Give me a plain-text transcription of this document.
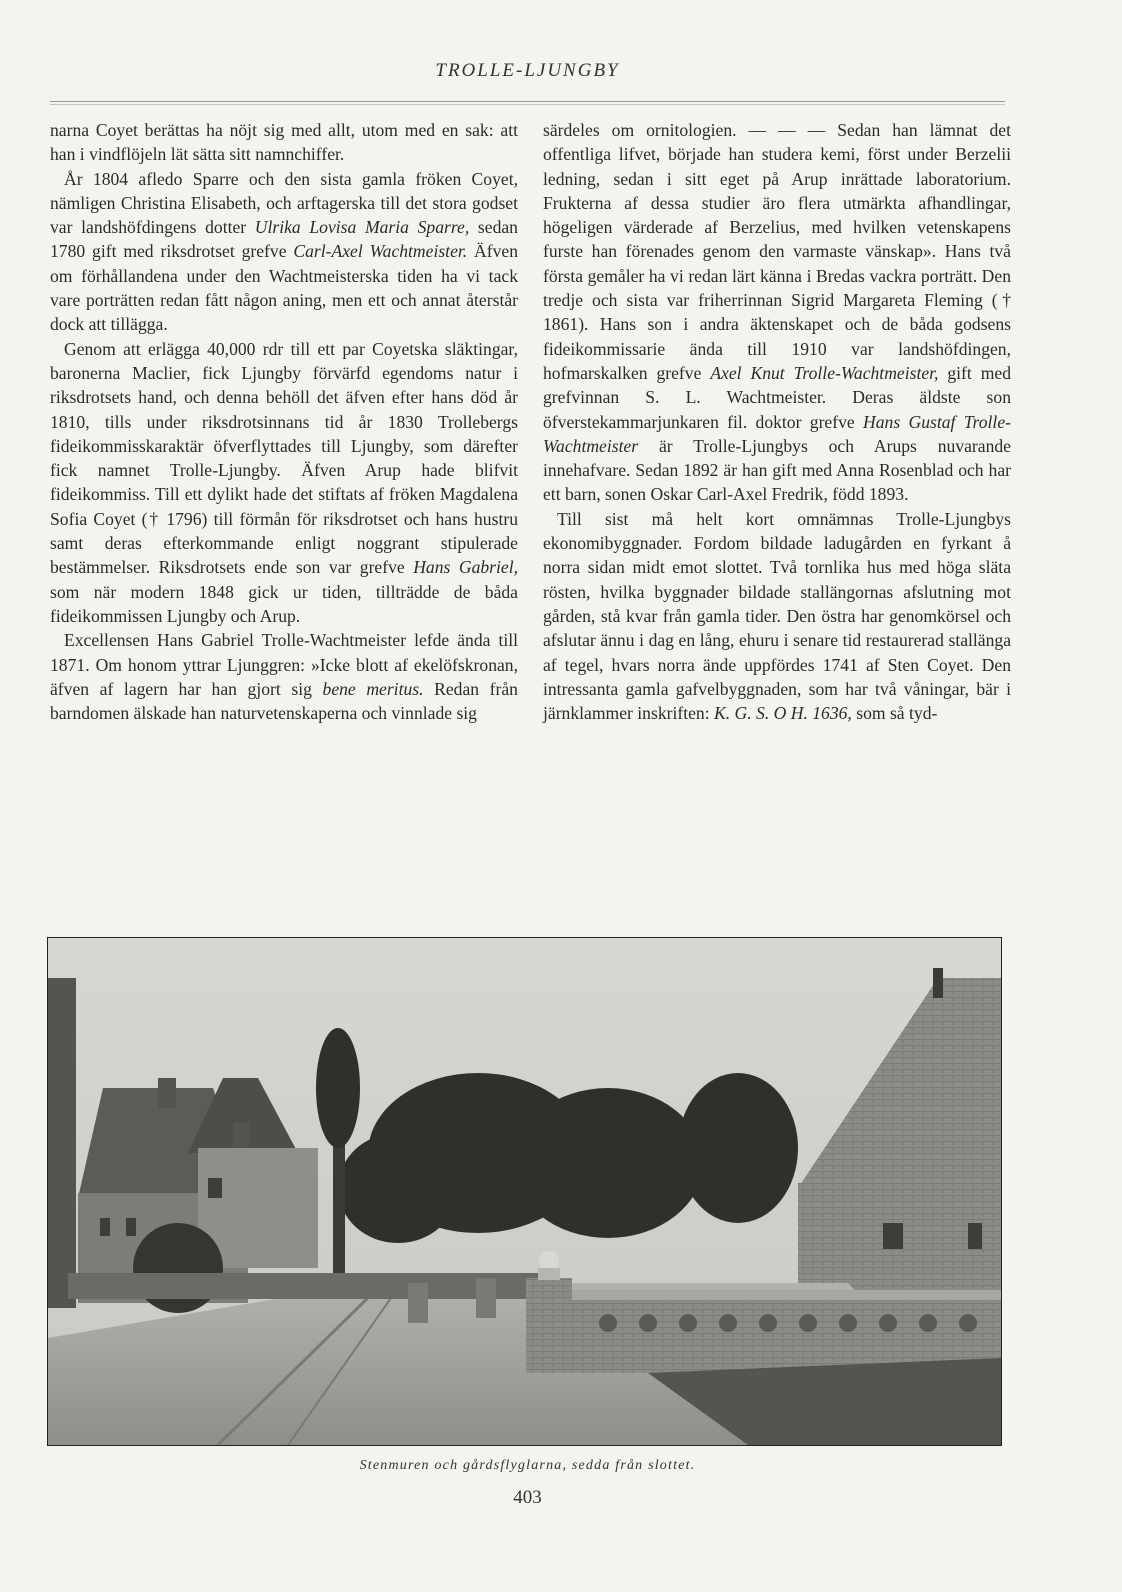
TROLLE-LJUNGBY

narna Coyet berättas ha nöjt sig med allt, utom med en sak: att han i vindflöjeln lät sätta sitt namnchiffer.

År 1804 afledo Sparre och den sista gamla fröken Coyet, nämligen Christina Elisabeth, och arftagerska till det stora godset var landshöfdingens dotter Ulrika Lovisa Maria Sparre, sedan 1780 gift med riksdrotset grefve Carl-Axel Wachtmeister. Äfven om förhållandena under den Wachtmeisterska tiden ha vi tack vare porträtten redan fått någon aning, men ett och annat återstår dock att tillägga.

Genom att erlägga 40,000 rdr till ett par Coyetska släktingar, baronerna Maclier, fick Ljungby förvärfd egendoms natur i riksdrotsets hand, och denna behöll det äfven efter hans död år 1810, tills under riksdrotsinnans tid år 1830 Trollebergs fideikommisskaraktär öfverflyttades till Ljungby, som därefter fick namnet Trolle-Ljungby. Äfven Arup hade blifvit fideikommiss. Till ett dylikt hade det stiftats af fröken Magdalena Sofia Coyet († 1796) till förmån för riksdrotset och hans hustru samt deras efterkommande enligt noggrant stipulerade bestämmelser. Riksdrotsets ende son var grefve Hans Gabriel, som när modern 1848 gick ur tiden, tillträdde de båda fideikommissen Ljungby och Arup.

Excellensen Hans Gabriel Trolle-Wachtmeister lefde ända till 1871. Om honom yttrar Ljunggren: »Icke blott af ekelöfskronan, äfven af lagern har han gjort sig bene meritus. Redan från barndomen älskade han naturvetenskaperna och vinnlade sig

särdeles om ornitologien. — — — Sedan han lämnat det offentliga lifvet, började han studera kemi, först under Berzelii ledning, sedan i sitt eget på Arup inrättade laboratorium. Frukterna af dessa studier äro flera utmärkta afhandlingar, högeligen värderade af Berzelius, med hvilken vetenskapens furste han förenades genom den varmaste vänskap». Hans två första gemåler ha vi redan lärt känna i Bredas vackra porträtt. Den tredje och sista var friherrinnan Sigrid Margareta Fleming († 1861). Hans son i andra äktenskapet och de båda godsens fideikommissarie ända till 1910 var landshöfdingen, hofmarskalken grefve Axel Knut Trolle-Wachtmeister, gift med grefvinnan S. L. Wachtmeister. Deras äldste son öfverstekammarjunkaren fil. doktor grefve Hans Gustaf Trolle-Wachtmeister är Trolle-Ljungbys och Arups nuvarande innehafvare. Sedan 1892 är han gift med Anna Rosenblad och har ett barn, sonen Oskar Carl-Axel Fredrik, född 1893.

Till sist må helt kort omnämnas Trolle-Ljungbys ekonomibyggnader. Fordom bildade ladugården en fyrkant å norra sidan midt emot slottet. Två tornlika hus med höga släta rösten, hvilka byggnader bildade stallängornas afslutning mot gården, stå kvar från gamla tider. Den östra har genomkörsel och afslutar ännu i dag en lång, ehuru i senare tid restaurerad stallänga af tegel, hvars norra ände uppfördes 1741 af Sten Coyet. Den intressanta gamla gafvelbyggnaden, som har två våningar, bär i järnklammer inskriften: K. G. S. O H. 1636, som så tyd-

Stenmuren och gårdsflyglarna, sedda från slottet.
403
